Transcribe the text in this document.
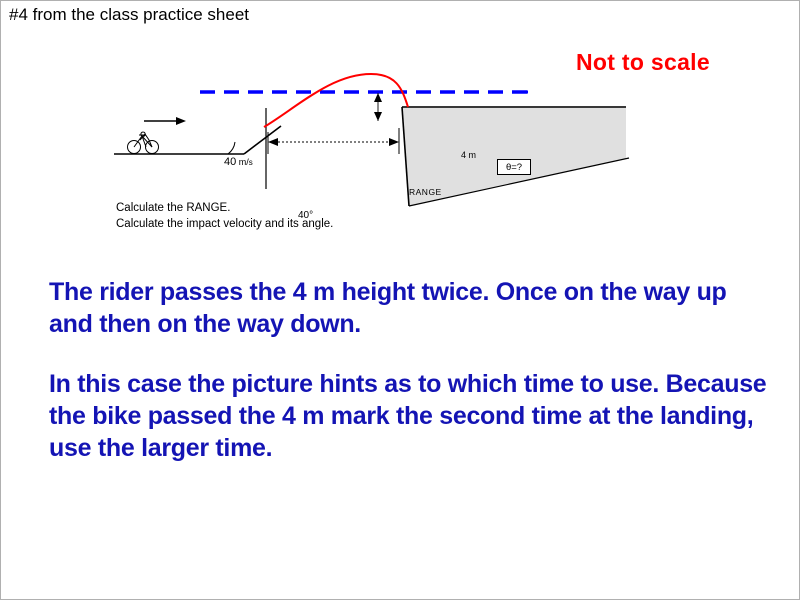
#4 from the class practice sheet
Not to scale
40 m/s
40°
RANGE
4 m
θ=?
Calculate the RANGE.
Calculate the impact velocity and its angle.

The rider passes the 4 m height twice. Once on the way up and then on the way down.

In this case the picture hints as to which time to use. Because the bike passed the 4 m mark the second time at the landing, use the larger time.
